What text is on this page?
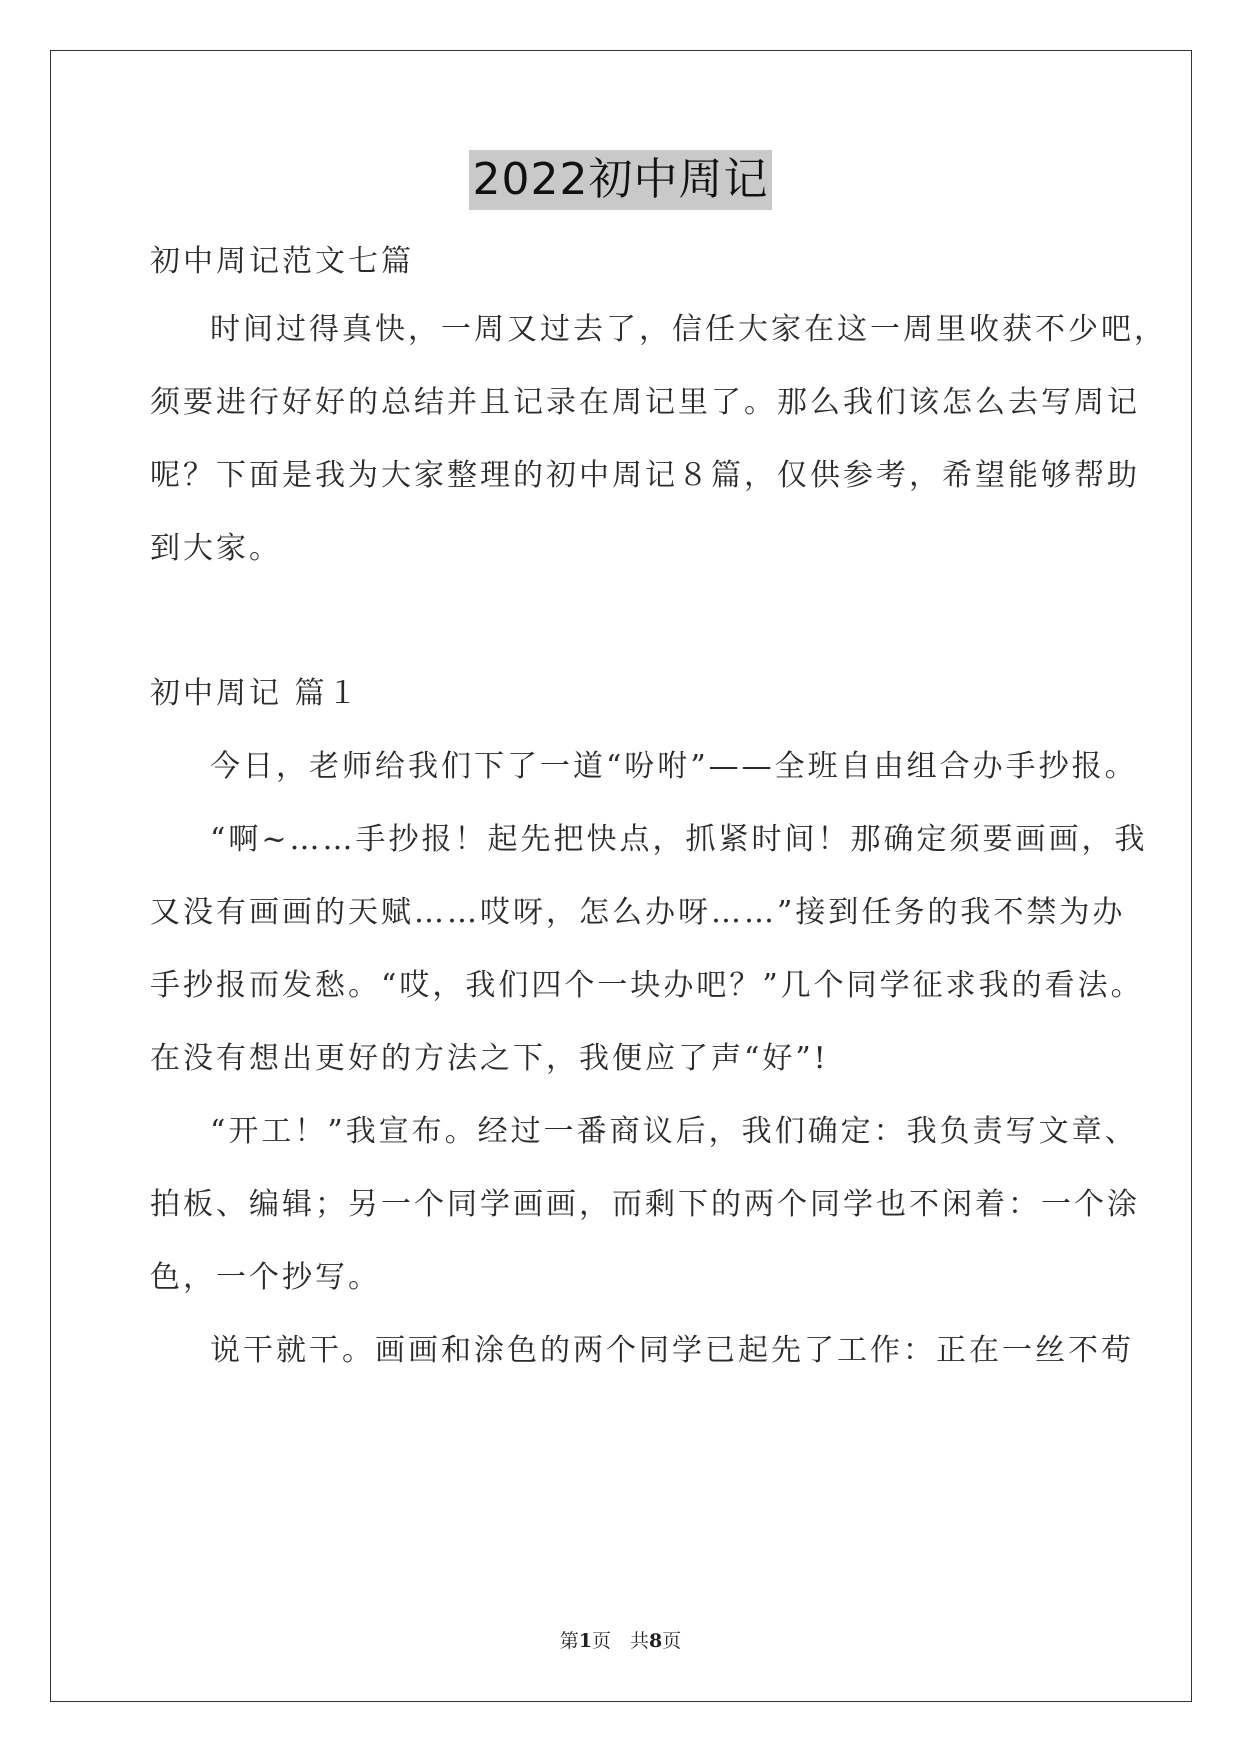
2022初中周记
初中周记范文七篇
时间过得真快，一周又过去了，信任大家在这一周里收获不少吧，
须要进行好好的总结并且记录在周记里了。那么我们该怎么去写周记
呢？下面是我为大家整理的初中周记８篇，仅供参考，希望能够帮助
到大家。
初中周记 篇１
今日，老师给我们下了一道“吩咐”——全班自由组合办手抄报。
“啊~……手抄报！起先把快点，抓紧时间！那确定须要画画，我
又没有画画的天赋……哎呀，怎么办呀……”接到任务的我不禁为办
手抄报而发愁。“哎，我们四个一块办吧？”几个同学征求我的看法。
在没有想出更好的方法之下，我便应了声“好”!
“开工！”我宣布。经过一番商议后，我们确定：我负责写文章、
拍板、编辑；另一个同学画画，而剩下的两个同学也不闲着：一个涂
色，一个抄写。
说干就干。画画和涂色的两个同学已起先了工作：正在一丝不苟
第1页　共8页
